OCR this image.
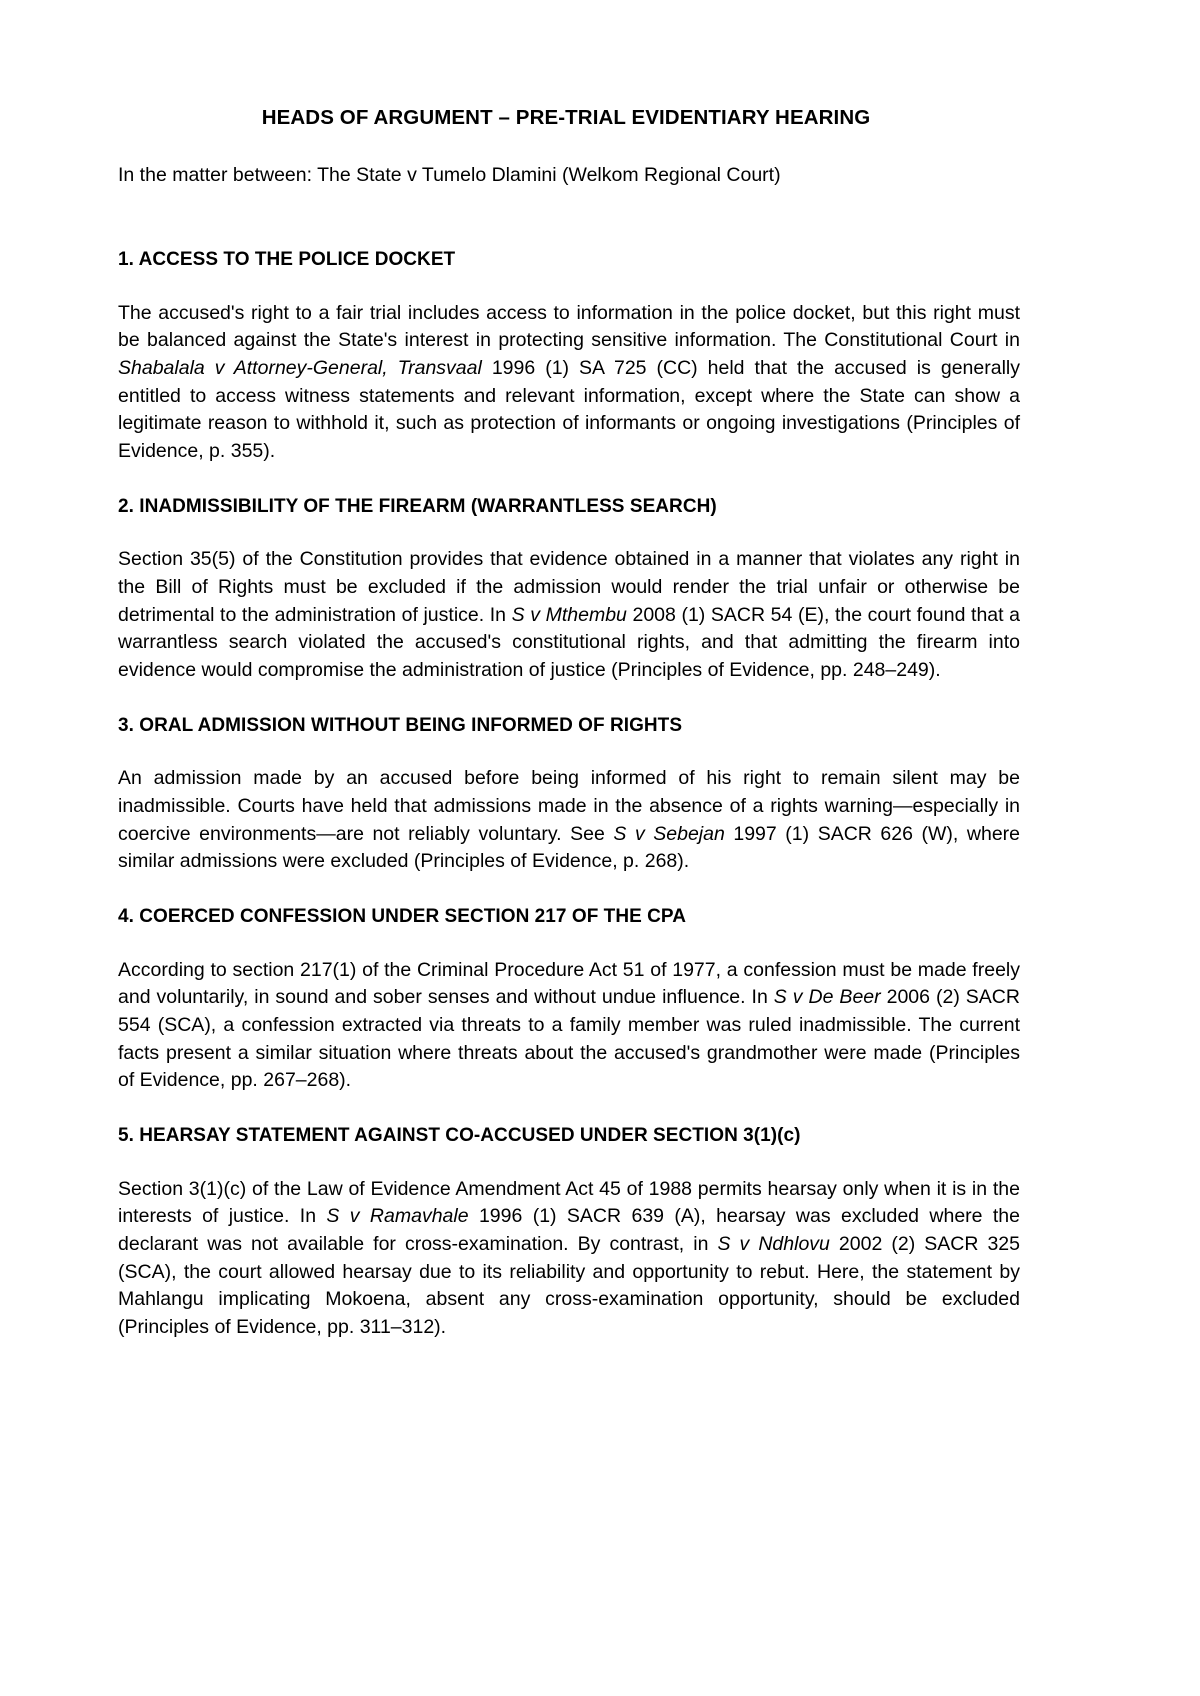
HEADS OF ARGUMENT – PRE-TRIAL EVIDENTIARY HEARING

In the matter between: The State v Tumelo Dlamini (Welkom Regional Court)

1. ACCESS TO THE POLICE DOCKET

The accused's right to a fair trial includes access to information in the police docket, but this right must be balanced against the State's interest in protecting sensitive information. The Constitutional Court in Shabalala v Attorney-General, Transvaal 1996 (1) SA 725 (CC) held that the accused is generally entitled to access witness statements and relevant information, except where the State can show a legitimate reason to withhold it, such as protection of informants or ongoing investigations (Principles of Evidence, p. 355).

2. INADMISSIBILITY OF THE FIREARM (WARRANTLESS SEARCH)

Section 35(5) of the Constitution provides that evidence obtained in a manner that violates any right in the Bill of Rights must be excluded if the admission would render the trial unfair or otherwise be detrimental to the administration of justice. In S v Mthembu 2008 (1) SACR 54 (E), the court found that a warrantless search violated the accused's constitutional rights, and that admitting the firearm into evidence would compromise the administration of justice (Principles of Evidence, pp. 248–249).

3. ORAL ADMISSION WITHOUT BEING INFORMED OF RIGHTS

An admission made by an accused before being informed of his right to remain silent may be inadmissible. Courts have held that admissions made in the absence of a rights warning—especially in coercive environments—are not reliably voluntary. See S v Sebejan 1997 (1) SACR 626 (W), where similar admissions were excluded (Principles of Evidence, p. 268).

4. COERCED CONFESSION UNDER SECTION 217 OF THE CPA

According to section 217(1) of the Criminal Procedure Act 51 of 1977, a confession must be made freely and voluntarily, in sound and sober senses and without undue influence. In S v De Beer 2006 (2) SACR 554 (SCA), a confession extracted via threats to a family member was ruled inadmissible. The current facts present a similar situation where threats about the accused's grandmother were made (Principles of Evidence, pp. 267–268).

5. HEARSAY STATEMENT AGAINST CO-ACCUSED UNDER SECTION 3(1)(c)

Section 3(1)(c) of the Law of Evidence Amendment Act 45 of 1988 permits hearsay only when it is in the interests of justice. In S v Ramavhale 1996 (1) SACR 639 (A), hearsay was excluded where the declarant was not available for cross-examination. By contrast, in S v Ndhlovu 2002 (2) SACR 325 (SCA), the court allowed hearsay due to its reliability and opportunity to rebut. Here, the statement by Mahlangu implicating Mokoena, absent any cross-examination opportunity, should be excluded (Principles of Evidence, pp. 311–312).
